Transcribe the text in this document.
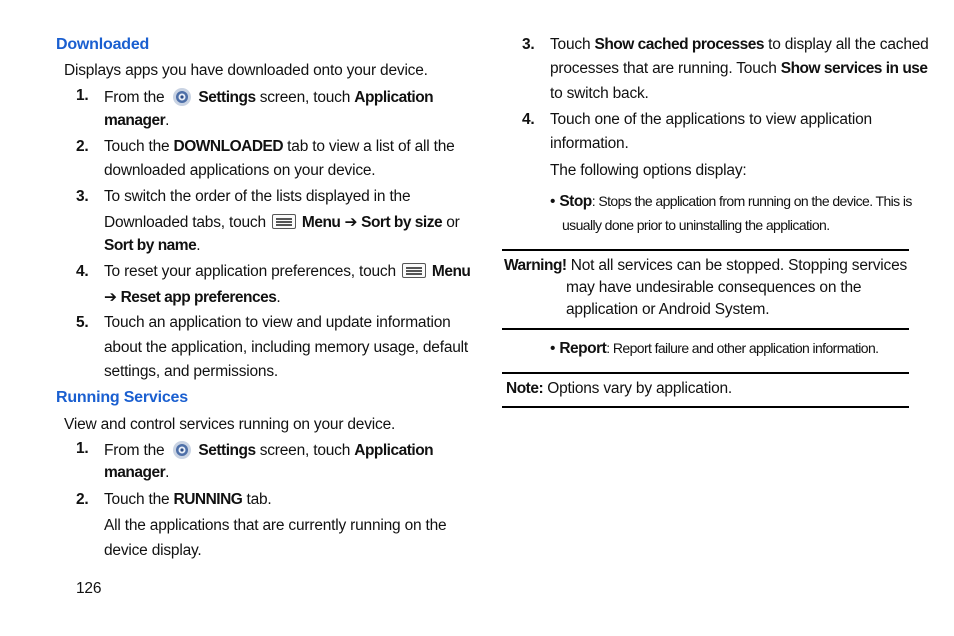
Downloaded
Displays apps you have downloaded onto your device.
1. From the Settings screen, touch Application
manager.
2. Touch the DOWNLOADED tab to view a list of all the
downloaded applications on your device.
3. To switch the order of the lists displayed in the
Downloaded tabs, touch Menu ➔ Sort by size or
Sort by name.
4. To reset your application preferences, touch Menu
➔ Reset app preferences.
5. Touch an application to view and update information
about the application, including memory usage, default
settings, and permissions.
Running Services
View and control services running on your device.
1. From the Settings screen, touch Application
manager.
2. Touch the RUNNING tab.
All the applications that are currently running on the
device display.
126
3. Touch Show cached processes to display all the cached
processes that are running. Touch Show services in use
to switch back.
4. Touch one of the applications to view application
information.
The following options display:
• Stop: Stops the application from running on the device. This is
usually done prior to uninstalling the application.
Warning! Not all services can be stopped. Stopping services
may have undesirable consequences on the
application or Android System.
• Report: Report failure and other application information.
Note: Options vary by application.
